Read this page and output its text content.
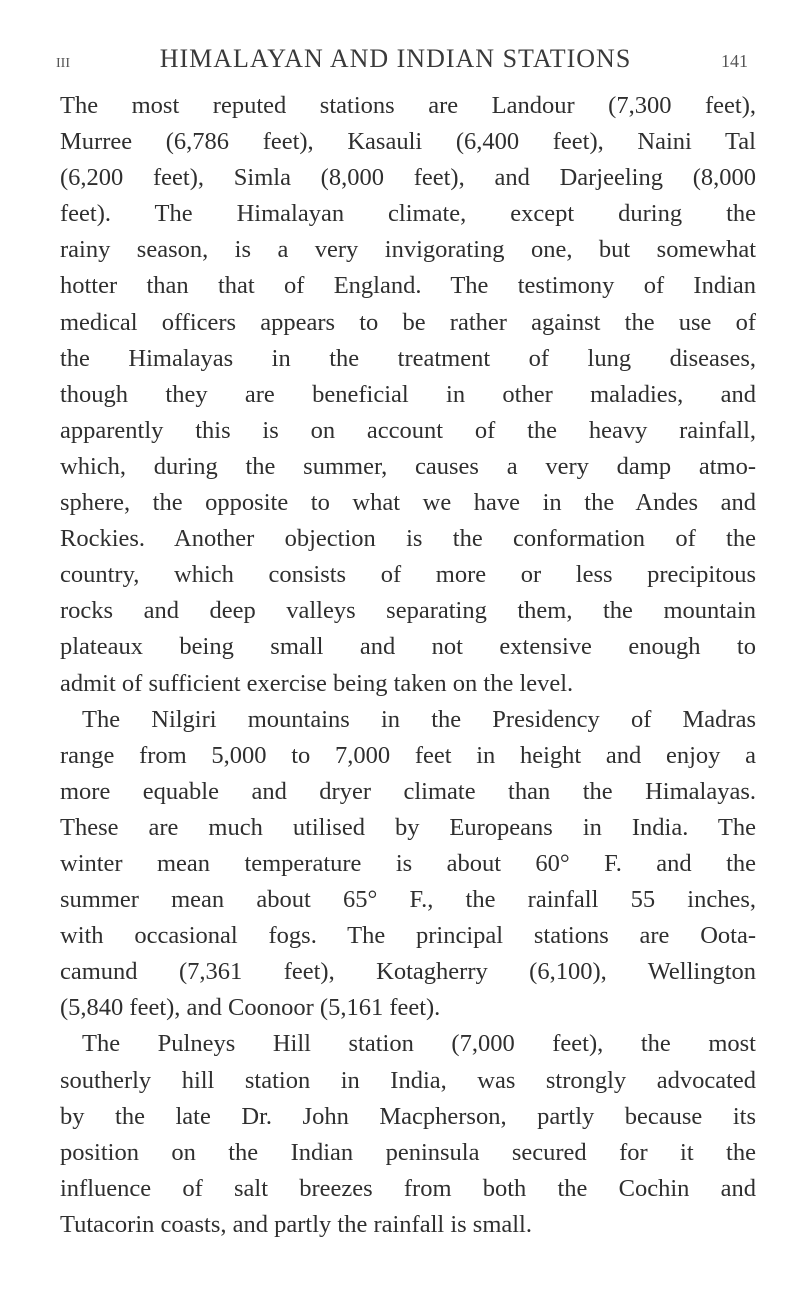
III	HIMALAYAN AND INDIAN STATIONS	141
The most reputed stations are Landour (7,300 feet),
Murree (6,786 feet), Kasauli (6,400 feet), Naini Tal
(6,200 feet), Simla (8,000 feet), and Darjeeling (8,000
feet). The Himalayan climate, except during the
rainy season, is a very invigorating one, but somewhat
hotter than that of England. The testimony of Indian
medical officers appears to be rather against the use of
the Himalayas in the treatment of lung diseases,
though they are beneficial in other maladies, and
apparently this is on account of the heavy rainfall,
which, during the summer, causes a very damp atmo-
sphere, the opposite to what we have in the Andes and
Rockies. Another objection is the conformation of the
country, which consists of more or less precipitous
rocks and deep valleys separating them, the mountain
plateaux being small and not extensive enough to
admit of sufficient exercise being taken on the level.
The Nilgiri mountains in the Presidency of Madras
range from 5,000 to 7,000 feet in height and enjoy a
more equable and dryer climate than the Himalayas.
These are much utilised by Europeans in India. The
winter mean temperature is about 60° F. and the
summer mean about 65° F., the rainfall 55 inches,
with occasional fogs. The principal stations are Oota-
camund (7,361 feet), Kotagherry (6,100), Wellington
(5,840 feet), and Coonoor (5,161 feet).
The Pulneys Hill station (7,000 feet), the most
southerly hill station in India, was strongly advocated
by the late Dr. John Macpherson, partly because its
position on the Indian peninsula secured for it the
influence of salt breezes from both the Cochin and
Tutacorin coasts, and partly the rainfall is small.
